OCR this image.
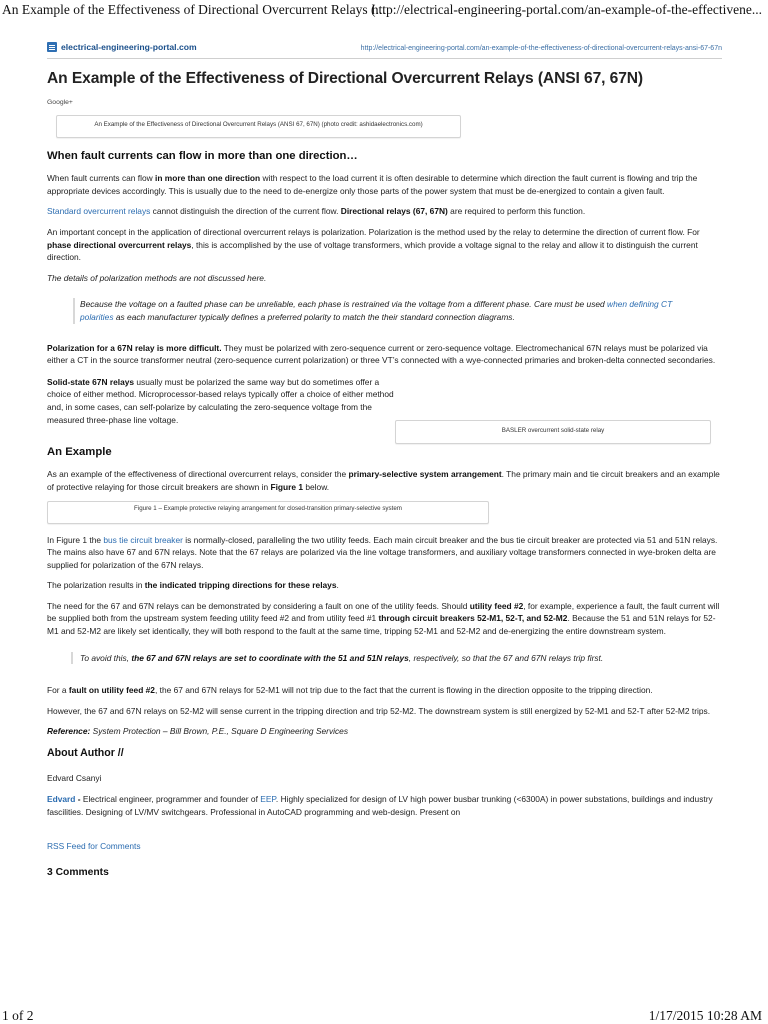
An Example of the Effectiveness of Directional Overcurrent Relays (...
http://electrical-engineering-portal.com/an-example-of-the-effectivene...
electrical-engineering-portal.com	http://electrical-engineering-portal.com/an-example-of-the-effectiveness-of-directional-overcurrent-relays-ansi-67-67n
An Example of the Effectiveness of Directional Overcurrent Relays (ANSI 67, 67N)
Google+
An Example of the Effectiveness of Directional Overcurrent Relays (ANSI 67, 67N) (photo credit: ashidaelectronics.com)
When fault currents can flow in more than one direction…

When fault currents can flow in more than one direction with respect to the load current it is often desirable to determine which direction the fault current is flowing and trip the appropriate devices accordingly. This is usually due to the need to de-energize only those parts of the power system that must be de-energized to contain a given fault.

Standard overcurrent relays cannot distinguish the direction of the current flow. Directional relays (67, 67N) are required to perform this function.

An important concept in the application of directional overcurrent relays is polarization. Polarization is the method used by the relay to determine the direction of current flow. For phase directional overcurrent relays, this is accomplished by the use of voltage transformers, which provide a voltage signal to the relay and allow it to distinguish the current direction.

The details of polarization methods are not discussed here.

Because the voltage on a faulted phase can be unreliable, each phase is restrained via the voltage from a different phase. Care must be used when defining CT polarities as each manufacturer typically defines a preferred polarity to match the their standard connection diagrams.

Polarization for a 67N relay is more difficult. They must be polarized with zero-sequence current or zero-sequence voltage. Electromechanical 67N relays must be polarized via either a CT in the source transformer neutral (zero-sequence current polarization) or three VT’s connected with a wye-connected primaries and broken-delta connected secondaries.

Solid-state 67N relays usually must be polarized the same way but do sometimes offer a choice of either method. Microprocessor-based relays typically offer a choice of either method and, in some cases, can self-polarize by calculating the zero-sequence voltage from the measured three-phase line voltage.

BASLER overcurrent solid-state relay
An Example

As an example of the effectiveness of directional overcurrent relays, consider the primary-selective system arrangement. The primary main and tie circuit breakers and an example of protective relaying for those circuit breakers are shown in Figure 1 below.

Figure 1 – Example protective relaying arrangement for closed-transition primary-selective system

In Figure 1 the bus tie circuit breaker is normally-closed, paralleling the two utility feeds. Each main circuit breaker and the bus tie circuit breaker are protected via 51 and 51N relays. The mains also have 67 and 67N relays. Note that the 67 relays are polarized via the line voltage transformers, and auxiliary voltage transformers connected in wye-broken delta are supplied for polarization of the 67N relays.

The polarization results in the indicated tripping directions for these relays.

The need for the 67 and 67N relays can be demonstrated by considering a fault on one of the utility feeds. Should utility feed #2, for example, experience a fault, the fault current will be supplied both from the upstream system feeding utility feed #2 and from utility feed #1 through circuit breakers 52-M1, 52-T, and 52-M2. Because the 51 and 51N relays for 52-M1 and 52-M2 are likely set identically, they will both respond to the fault at the same time, tripping 52-M1 and 52-M2 and de-energizing the entire downstream system.

To avoid this, the 67 and 67N relays are set to coordinate with the 51 and 51N relays, respectively, so that the 67 and 67N relays trip first.

For a fault on utility feed #2, the 67 and 67N relays for 52-M1 will not trip due to the fact that the current is flowing in the direction opposite to the tripping direction.

However, the 67 and 67N relays on 52-M2 will sense current in the tripping direction and trip 52-M2. The downstream system is still energized by 52-M1 and 52-T after 52-M2 trips.

Reference: System Protection – Bill Brown, P.E., Square D Engineering Services

About Author //

Edvard Csanyi

Edvard - Electrical engineer, programmer and founder of EEP. Highly specialized for design of LV high power busbar trunking (<6300A) in power substations, buildings and industry fascilities. Designing of LV/MV switchgears. Professional in AutoCAD programming and web-design. Present on

RSS Feed for Comments

3 Comments
1 of 2	1/17/2015 10:28 AM
